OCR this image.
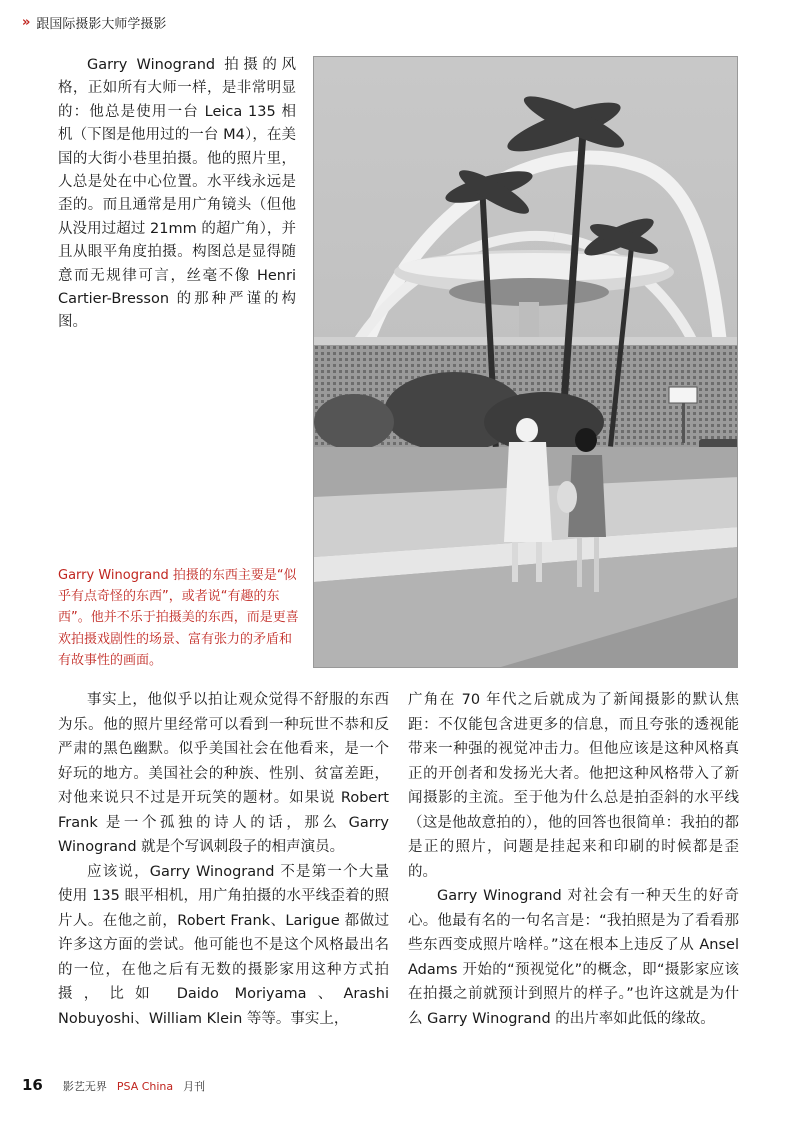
» 跟国际摄影大师学摄影

Garry Winogrand 拍摄的风格，正如所有大师一样，是非常明显的：他总是使用一台 Leica 135 相机（下图是他用过的一台 M4），在美国的大街小巷里拍摄。他的照片里，人总是处在中心位置。水平线永远是歪的。而且通常是用广角镜头（但他从没用过超过 21mm 的超广角），并且从眼平角度拍摄。构图总是显得随意而无规律可言，丝毫不像 Henri Cartier-Bresson 的那种严谨的构图。

Garry Winogrand 拍摄的东西主要是“似乎有点奇怪的东西”，或者说“有趣的东西”。他并不乐于拍摄美的东西，而是更喜欢拍摄戏剧性的场景、富有张力的矛盾和有故事性的画面。

事实上，他似乎以拍让观众觉得不舒服的东西为乐。他的照片里经常可以看到一种玩世不恭和反严肃的黑色幽默。似乎美国社会在他看来，是一个好玩的地方。美国社会的种族、性别、贫富差距，对他来说只不过是开玩笑的题材。如果说 Robert Frank 是一个孤独的诗人的话，那么 Garry Winogrand 就是个写讽刺段子的相声演员。

应该说，Garry Winogrand 不是第一个大量使用 135 眼平相机，用广角拍摄的水平线歪着的照片人。在他之前，Robert Frank、Larigue 都做过许多这方面的尝试。他可能也不是这个风格最出名的一位，在他之后有无数的摄影家用这种方式拍摄，比如 Daido Moriyama、Arashi Nobuyoshi、William Klein 等等。事实上，

广角在 70 年代之后就成为了新闻摄影的默认焦距：不仅能包含进更多的信息，而且夸张的透视能带来一种强的视觉冲击力。但他应该是这种风格真正的开创者和发扬光大者。他把这种风格带入了新闻摄影的主流。至于他为什么总是拍歪斜的水平线（这是他故意拍的），他的回答也很简单：我拍的都是正的照片，问题是挂起来和印刷的时候都是歪的。

Garry Winogrand 对社会有一种天生的好奇心。他最有名的一句名言是：“我拍照是为了看看那些东西变成照片啥样。”这在根本上违反了从 Ansel Adams 开始的“预视觉化”的概念，即“摄影家应该在拍摄之前就预计到照片的样子。”也许这就是为什么 Garry Winogrand 的出片率如此低的缘故。

16 影艺无界 PSA China 月刊
